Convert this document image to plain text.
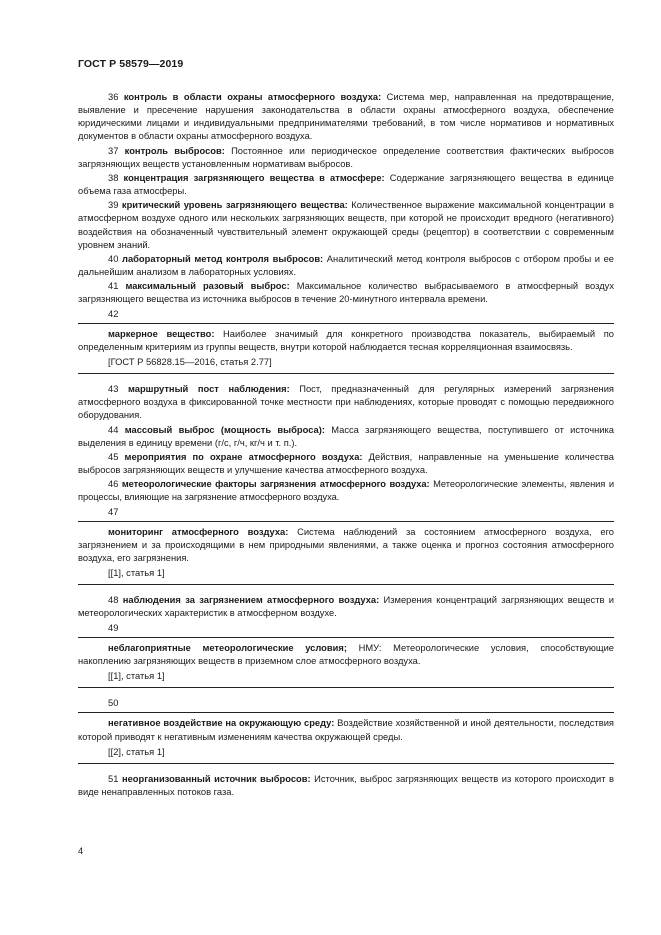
ГОСТ Р 58579—2019

36 контроль в области охраны атмосферного воздуха: Система мер, направленная на предотвращение, выявление и пресечение нарушения законодательства в области охраны атмосферного воздуха, обеспечение юридическими лицами и индивидуальными предпринимателями требований, в том числе нормативов и нормативных документов в области охраны атмосферного воздуха.

37 контроль выбросов: Постоянное или периодическое определение соответствия фактических выбросов загрязняющих веществ установленным нормативам выбросов.

38 концентрация загрязняющего вещества в атмосфере: Содержание загрязняющего вещества в единице объема газа атмосферы.

39 критический уровень загрязняющего вещества: Количественное выражение максимальной концентрации в атмосферном воздухе одного или нескольких загрязняющих веществ, при которой не происходит вредного (негативного) воздействия на обозначенный чувствительный элемент окружающей среды (рецептор) в соответствии с современным уровнем знаний.

40 лабораторный метод контроля выбросов: Аналитический метод контроля выбросов с отбором пробы и ее дальнейшим анализом в лабораторных условиях.

41 максимальный разовый выброс: Максимальное количество выбрасываемого в атмосферный воздух загрязняющего вещества из источника выбросов в течение 20-минутного интервала времени.

42

маркерное вещество: Наиболее значимый для конкретного производства показатель, выбираемый по определенным критериям из группы веществ, внутри которой наблюдается тесная корреляционная взаимосвязь.

[ГОСТ Р 56828.15—2016, статья 2.77]

43 маршрутный пост наблюдения: Пост, предназначенный для регулярных измерений загрязнения атмосферного воздуха в фиксированной точке местности при наблюдениях, которые проводят с помощью передвижного оборудования.

44 массовый выброс (мощность выброса): Масса загрязняющего вещества, поступившего от источника выделения в единицу времени (г/с, г/ч, кг/ч и т. п.).

45 мероприятия по охране атмосферного воздуха: Действия, направленные на уменьшение количества выбросов загрязняющих веществ и улучшение качества атмосферного воздуха.

46 метеорологические факторы загрязнения атмосферного воздуха: Метеорологические элементы, явления и процессы, влияющие на загрязнение атмосферного воздуха.

47

мониторинг атмосферного воздуха: Система наблюдений за состоянием атмосферного воздуха, его загрязнением и за происходящими в нем природными явлениями, а также оценка и прогноз состояния атмосферного воздуха, его загрязнения.

[[1], статья 1]

48 наблюдения за загрязнением атмосферного воздуха: Измерения концентраций загрязняющих веществ и метеорологических характеристик в атмосферном воздухе.

49

неблагоприятные метеорологические условия; НМУ: Метеорологические условия, способствующие накоплению загрязняющих веществ в приземном слое атмосферного воздуха.

[[1], статья 1]

50

негативное воздействие на окружающую среду: Воздействие хозяйственной и иной деятельности, последствия которой приводят к негативным изменениям качества окружающей среды.

[[2], статья 1]

51 неорганизованный источник выбросов: Источник, выброс загрязняющих веществ из которого происходит в виде ненаправленных потоков газа.

4
